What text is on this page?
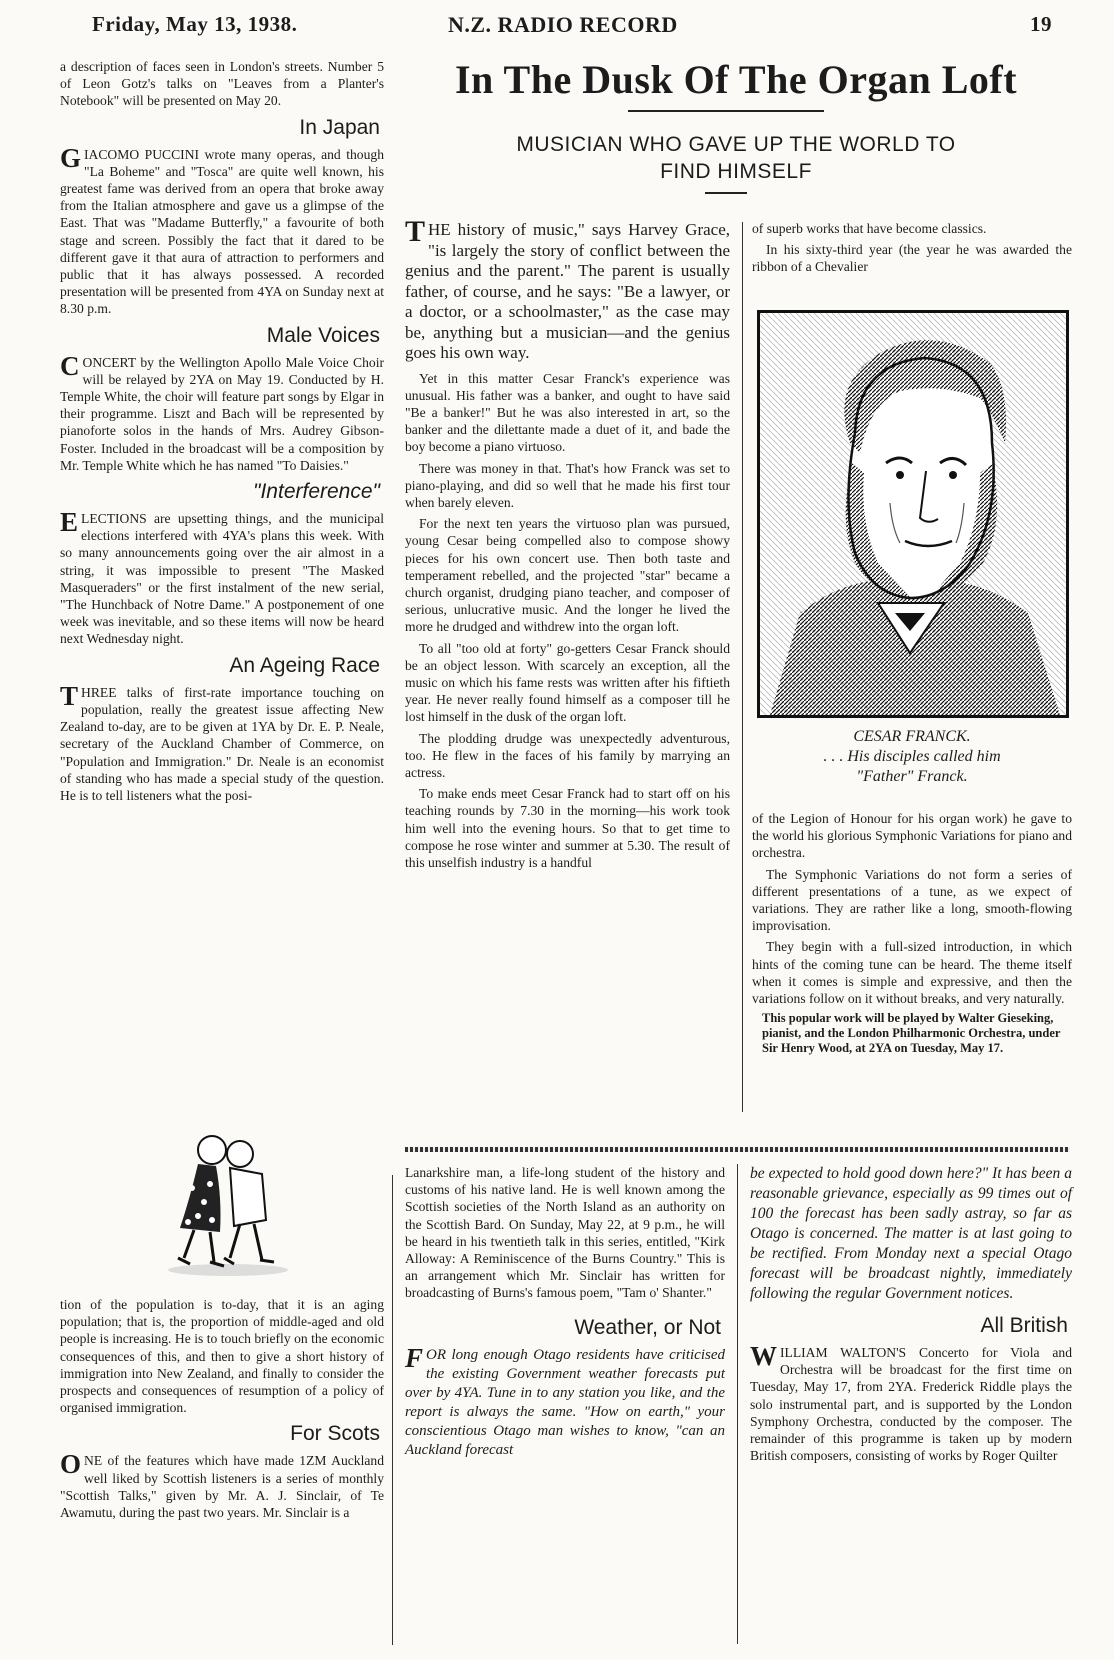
Friday, May 13, 1938.	N.Z. RADIO RECORD	19

a description of faces seen in London's streets. Number 5 of Leon Gotz's talks on "Leaves from a Planter's Notebook" will be presented on May 20.

In Japan

GIACOMO PUCCINI wrote many operas, and though "La Boheme" and "Tosca" are quite well known, his greatest fame was derived from an opera that broke away from the Italian atmosphere and gave us a glimpse of the East. That was "Madame Butterfly," a favourite of both stage and screen. Possibly the fact that it dared to be different gave it that aura of attraction to performers and public that it has always possessed. A recorded presentation will be presented from 4YA on Sunday next at 8.30 p.m.

Male Voices

CONCERT by the Wellington Apollo Male Voice Choir will be relayed by 2YA on May 19. Conducted by H. Temple White, the choir will feature part songs by Elgar in their programme. Liszt and Bach will be represented by pianoforte solos in the hands of Mrs. Audrey Gibson-Foster. Included in the broadcast will be a composition by Mr. Temple White which he has named "To Daisies."

"Interference"

ELECTIONS are upsetting things, and the municipal elections interfered with 4YA's plans this week. With so many announcements going over the air almost in a string, it was impossible to present "The Masked Masqueraders" or the first instalment of the new serial, "The Hunchback of Notre Dame." A postponement of one week was inevitable, and so these items will now be heard next Wednesday night.

An Ageing Race

THREE talks of first-rate importance touching on population, really the greatest issue affecting New Zealand to-day, are to be given at 1YA by Dr. E. P. Neale, secretary of the Auckland Chamber of Commerce, on "Population and Immigration." Dr. Neale is an economist of standing who has made a special study of the question. He is to tell listeners what the posi-

tion of the population is to-day, that it is an aging population; that is, the proportion of middle-aged and old people is increasing. He is to touch briefly on the economic consequences of this, and then to give a short history of immigration into New Zealand, and finally to consider the prospects and consequences of resumption of a policy of organised immigration.

For Scots

ONE of the features which have made 1ZM Auckland well liked by Scottish listeners is a series of monthly "Scottish Talks," given by Mr. A. J. Sinclair, of Te Awamutu, during the past two years. Mr. Sinclair is a

In The Dusk Of The Organ Loft
MUSICIAN WHO GAVE UP THE WORLD TO
FIND HIMSELF

THE history of music," says Harvey Grace, "is largely the story of conflict between the genius and the parent." The parent is usually father, of course, and he says: "Be a lawyer, or a doctor, or a schoolmaster," as the case may be, anything but a musician—and the genius goes his own way.

Yet in this matter Cesar Franck's experience was unusual. His father was a banker, and ought to have said "Be a banker!" But he was also interested in art, so the banker and the dilettante made a duet of it, and bade the boy become a piano virtuoso.

There was money in that. That's how Franck was set to piano-playing, and did so well that he made his first tour when barely eleven.

For the next ten years the virtuoso plan was pursued, young Cesar being compelled also to compose showy pieces for his own concert use. Then both taste and temperament rebelled, and the projected "star" became a church organist, drudging piano teacher, and composer of serious, unlucrative music. And the longer he lived the more he drudged and withdrew into the organ loft.

To all "too old at forty" go-getters Cesar Franck should be an object lesson. With scarcely an exception, all the music on which his fame rests was written after his fiftieth year. He never really found himself as a composer till he lost himself in the dusk of the organ loft.

The plodding drudge was unexpectedly adventurous, too. He flew in the faces of his family by marrying an actress.

To make ends meet Cesar Franck had to start off on his teaching rounds by 7.30 in the morning—his work took him well into the evening hours. So that to get time to compose he rose winter and summer at 5.30. The result of this unselfish industry is a handful

of superb works that have become classics.

In his sixty-third year (the year he was awarded the ribbon of a Chevalier

CESAR FRANCK.
. . . His disciples called him
"Father" Franck.

of the Legion of Honour for his organ work) he gave to the world his glorious Symphonic Variations for piano and orchestra.

The Symphonic Variations do not form a series of different presentations of a tune, as we expect of variations. They are rather like a long, smooth-flowing improvisation.

They begin with a full-sized introduction, in which hints of the coming tune can be heard. The theme itself when it comes is simple and expressive, and then the variations follow on it without breaks, and very naturally.

This popular work will be played by Walter Gieseking, pianist, and the London Philharmonic Orchestra, under Sir Henry Wood, at 2YA on Tuesday, May 17.

Lanarkshire man, a life-long student of the history and customs of his native land. He is well known among the Scottish societies of the North Island as an authority on the Scottish Bard. On Sunday, May 22, at 9 p.m., he will be heard in his twentieth talk in this series, entitled, "Kirk Alloway: A Reminiscence of the Burns Country." This is an arrangement which Mr. Sinclair has written for broadcasting of Burns's famous poem, "Tam o' Shanter."

Weather, or Not

FOR long enough Otago residents have criticised the existing Government weather forecasts put over by 4YA. Tune in to any station you like, and the report is always the same. "How on earth," your conscientious Otago man wishes to know, "can an Auckland forecast

be expected to hold good down here?" It has been a reasonable grievance, especially as 99 times out of 100 the forecast has been sadly astray, so far as Otago is concerned. The matter is at last going to be rectified. From Monday next a special Otago forecast will be broadcast nightly, immediately following the regular Government notices.

All British

WILLIAM WALTON'S Concerto for Viola and Orchestra will be broadcast for the first time on Tuesday, May 17, from 2YA. Frederick Riddle plays the solo instrumental part, and is supported by the London Symphony Orchestra, conducted by the composer. The remainder of this programme is taken up by modern British composers, consisting of works by Roger Quilter
